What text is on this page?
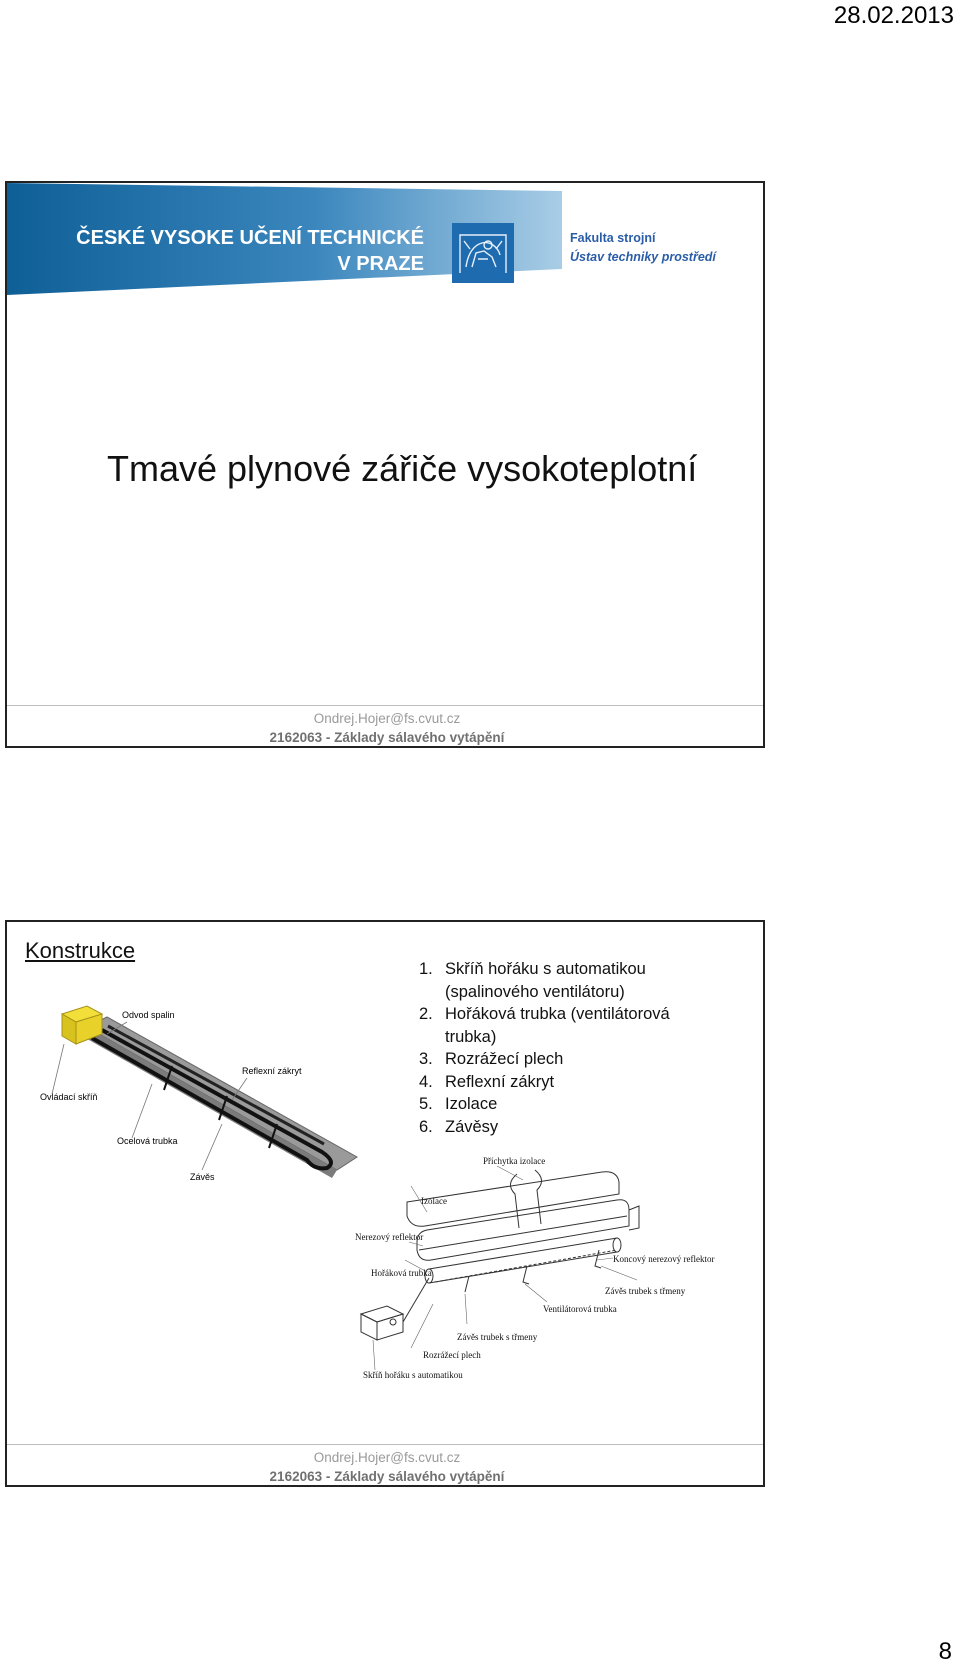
28.02.2013
ČESKÉ VYSOKE UČENÍ TECHNICKÉ
V PRAZE
Fakulta strojní
Ústav techniky prostředí
Tmavé plynové zářiče vysokoteplotní
Ondrej.Hojer@fs.cvut.cz
2162063 - Základy sálavého vytápění
Konstrukce
1. Skříň hořáku s automatikou (spalinového ventilátoru)
2. Hořáková trubka (ventilátorová trubka)
3. Rozrážecí plech
4. Reflexní zákryt
5. Izolace
6. Závěsy
Odvod spalin
Reflexní zákryt
Ovládací skříň
Ocelová trubka
Závěs
Příchytka izolace
Izolace
Nerezový reflektor
Koncový nerezový reflektor
Hořáková trubka
Závěs trubek s třmeny
Ventilátorová trubka
Závěs trubek s třmeny
Rozrážecí plech
Skříň hořáku s automatikou
Ondrej.Hojer@fs.cvut.cz
2162063 - Základy sálavého vytápění
8
